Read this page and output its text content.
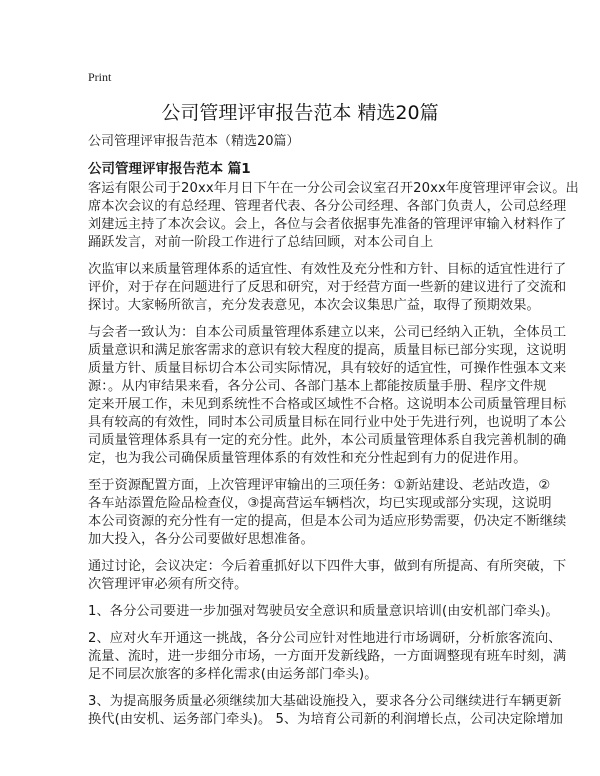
Print
公司管理评审报告范本 精选20篇
公司管理评审报告范本（精选20篇）
公司管理评审报告范本 篇1
客运有限公司于20xx年月日下午在一分公司会议室召开20xx年度管理评审会议。出
席本次会议的有总经理、管理者代表、各分公司经理、各部门负责人，公司总经理
刘建远主持了本次会议。会上，各位与会者依据事先准备的管理评审输入材料作了
踊跃发言，对前一阶段工作进行了总结回顾，对本公司自上
次监审以来质量管理体系的适宜性、有效性及充分性和方针、目标的适宜性进行了
评价，对于存在问题进行了反思和研究，对于经营方面一些新的建议进行了交流和
探讨。大家畅所欲言，充分发表意见，本次会议集思广益，取得了预期效果。
与会者一致认为：自本公司质量管理体系建立以来，公司已经纳入正轨，全体员工
质量意识和满足旅客需求的意识有较大程度的提高，质量目标已部分实现，这说明
质量方针、质量目标切合本公司实际情况，具有较好的适宜性，可操作性强本文来
源：。从内审结果来看，各分公司、各部门基本上都能按质量手册、程序文件规
定来开展工作，未见到系统性不合格或区域性不合格。这说明本公司质量管理目标
具有较高的有效性，同时本公司质量目标在同行业中处于先进行列，也说明了本公
司质量管理体系具有一定的充分性。此外，本公司质量管理体系自我完善机制的确
定，也为我公司确保质量管理体系的有效性和充分性起到有力的促进作用。
至于资源配置方面，上次管理评审输出的三项任务：①新站建设、老站改造，②
各车站添置危险品检查仪，③提高营运车辆档次，均已实现或部分实现，这说明
本公司资源的充分性有一定的提高，但是本公司为适应形势需要，仍决定不断继续
加大投入，各分公司要做好思想准备。
通过讨论，会议决定：今后着重抓好以下四件大事，做到有所提高、有所突破，下
次管理评审必须有所交待。
1、各分公司要进一步加强对驾驶员安全意识和质量意识培训(由安机部门牵头)。
2、应对火车开通这一挑战，各分公司应针对性地进行市场调研，分析旅客流向、
流量、流时，进一步细分市场，一方面开发新线路，一方面调整现有班车时刻，满
足不同层次旅客的多样化需求(由运务部门牵头)。
3、为提高服务质量必须继续加大基础设施投入，要求各分公司继续进行车辆更新
换代(由安机、运务部门牵头)。 5、为培育公司新的利润增长点，公司决定除增加
